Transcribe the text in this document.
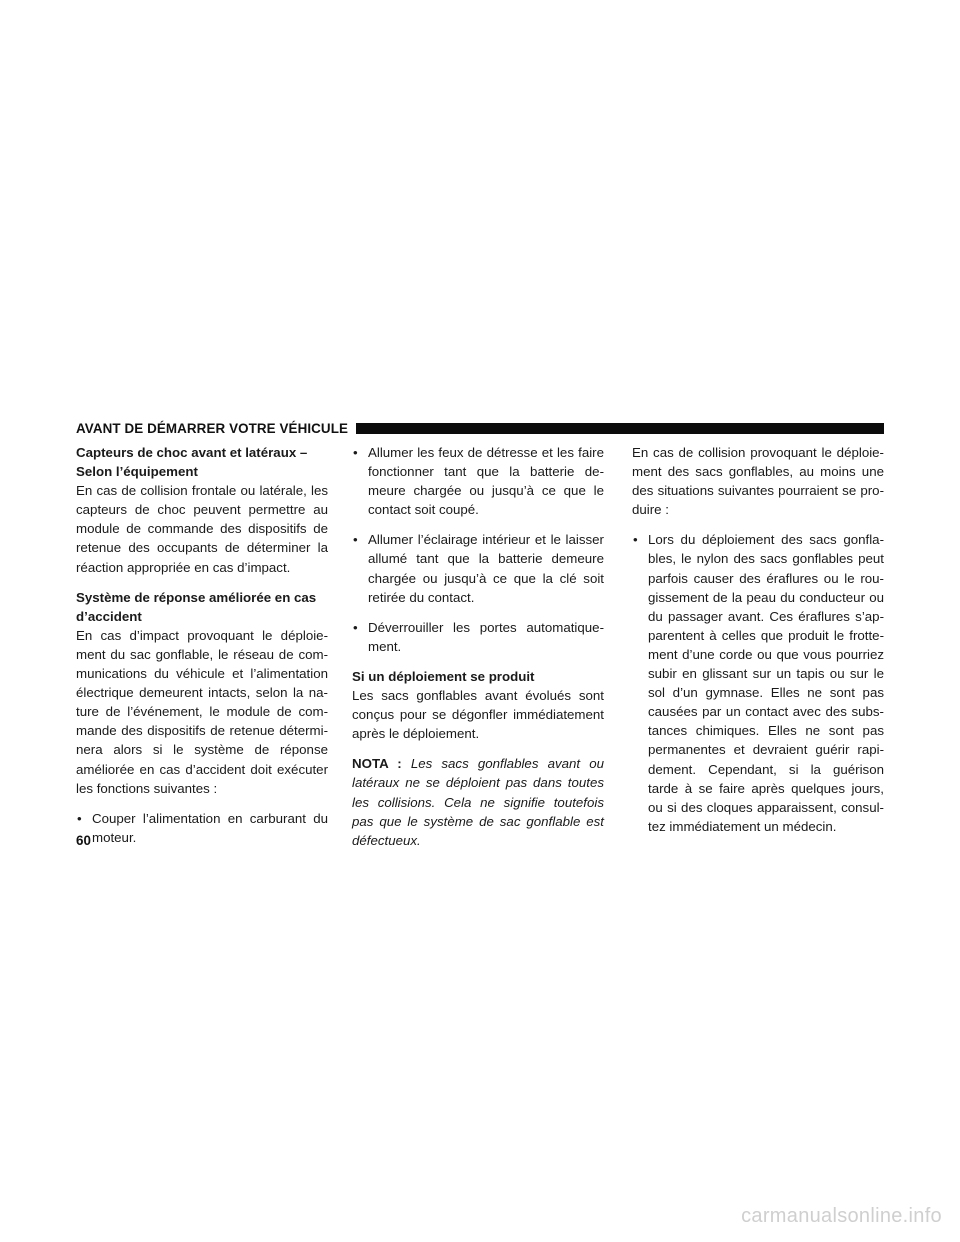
AVANT DE DÉMARRER VOTRE VÉHICULE

Capteurs de choc avant et latéraux –
Selon l’équipement

En cas de collision frontale ou latérale, les capteurs de choc peuvent permettre au module de commande des dispositifs de retenue des occupants de déterminer la réaction appropriée en cas d’impact.

Système de réponse améliorée en cas
d’accident

En cas d’impact provoquant le déploie-ment du sac gonflable, le réseau de com-munications du véhicule et l’alimentation électrique demeurent intacts, selon la na-ture de l’événement, le module de com-mande des dispositifs de retenue détermi-nera alors si le système de réponse améliorée en cas d’accident doit exécuter les fonctions suivantes :

• Couper l’alimentation en carburant du moteur.
• Allumer les feux de détresse et les faire fonctionner tant que la batterie de-meure chargée ou jusqu’à ce que le contact soit coupé.
• Allumer l’éclairage intérieur et le laisser allumé tant que la batterie demeure chargée ou jusqu’à ce que la clé soit retirée du contact.
• Déverrouiller les portes automatique-ment.

Si un déploiement se produit

Les sacs gonflables avant évolués sont conçus pour se dégonfler immédiatement après le déploiement.

NOTA : Les sacs gonflables avant ou latéraux ne se déploient pas dans toutes les collisions. Cela ne signifie toutefois pas que le système de sac gonflable est défectueux.

En cas de collision provoquant le déploie-ment des sacs gonflables, au moins une des situations suivantes pourraient se pro-duire :

• Lors du déploiement des sacs gonfla-bles, le nylon des sacs gonflables peut parfois causer des éraflures ou le rou-gissement de la peau du conducteur ou du passager avant. Ces éraflures s’ap-parentent à celles que produit le frotte-ment d’une corde ou que vous pourriez subir en glissant sur un tapis ou sur le sol d’un gymnase. Elles ne sont pas causées par un contact avec des subs-tances chimiques. Elles ne sont pas permanentes et devraient guérir rapi-dement. Cependant, si la guérison tarde à se faire après quelques jours, ou si des cloques apparaissent, consul-tez immédiatement un médecin.
60
carmanualsonline.info
